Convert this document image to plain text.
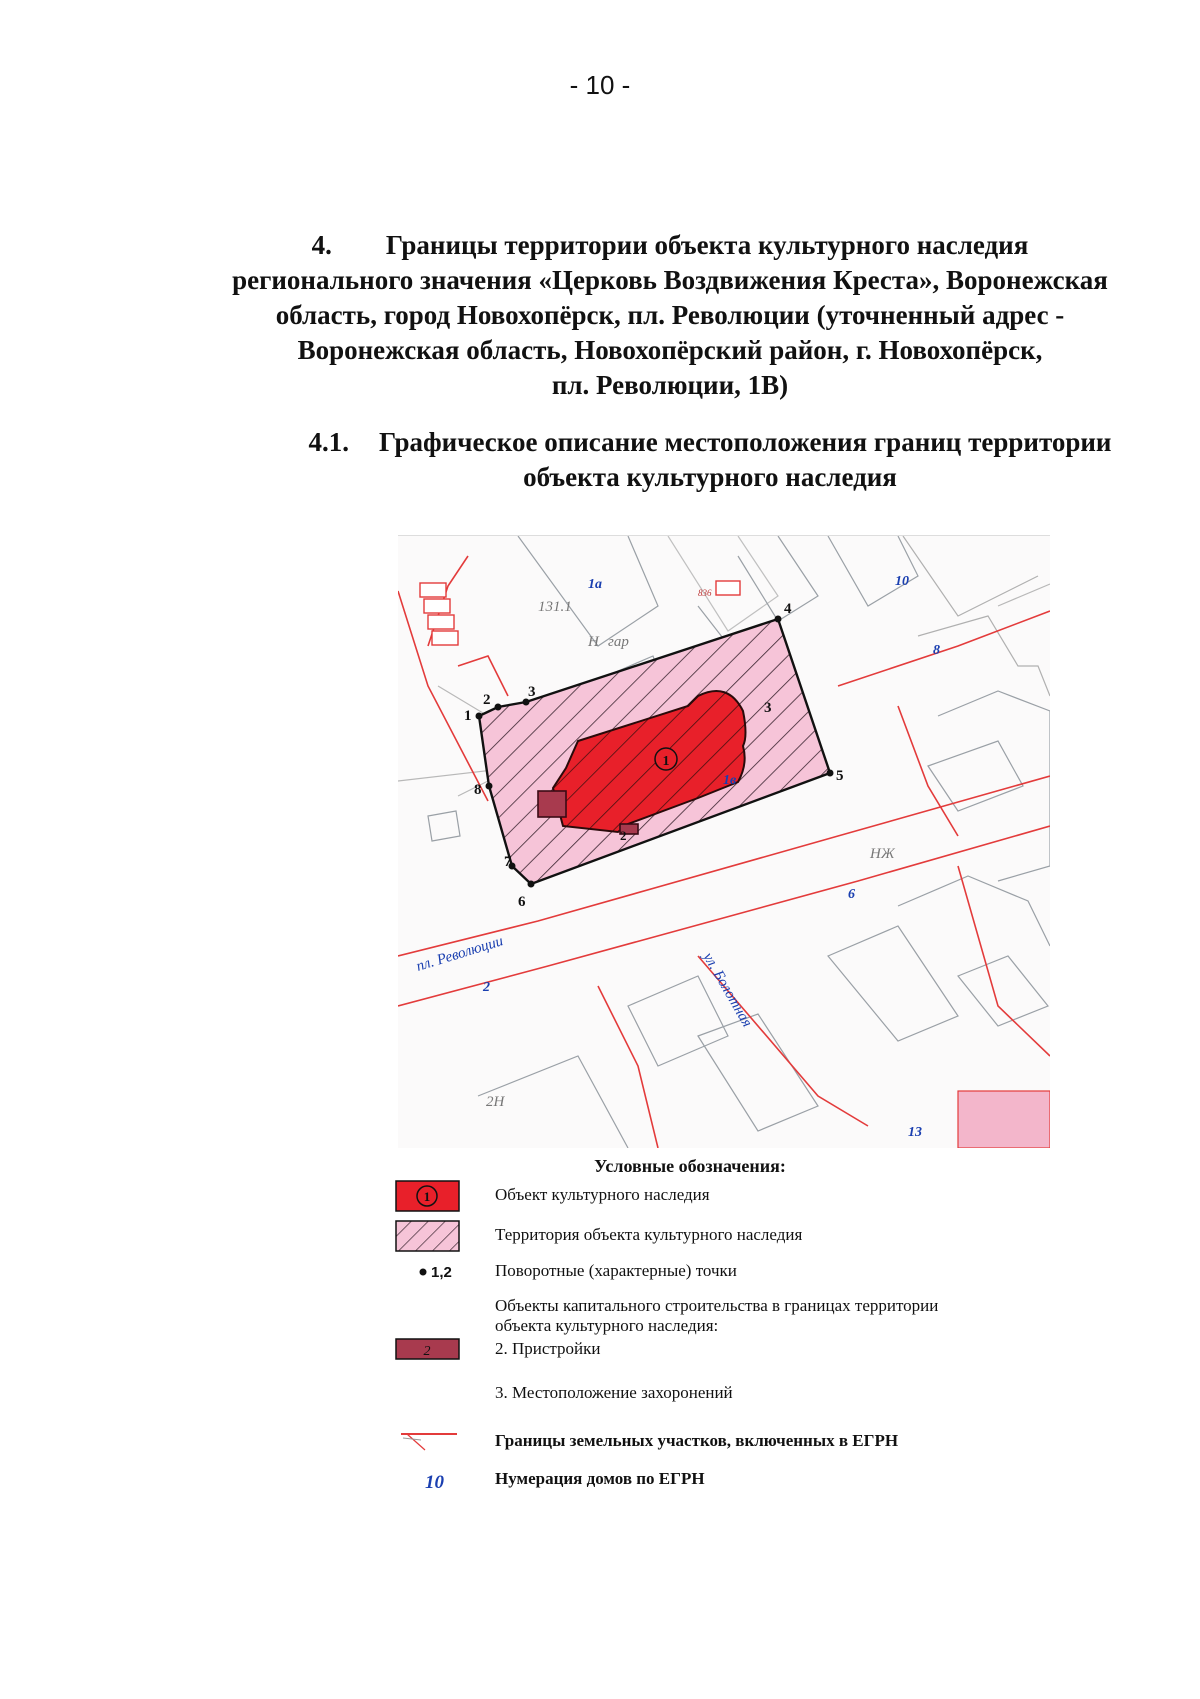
- 10 -
4. Границы территории объекта культурного наследия
регионального значения «Церковь Воздвижения Креста», Воронежская
область, город Новохопёрск, пл. Революции (уточненный адрес -
Воронежская область, Новохопёрский район, г. Новохопёрск,
пл. Революции, 1В)
4.1. Графическое описание местоположения границ территории
объекта культурного наследия
1
2	3
4
5
6
7
8
3
1
2
1а	10
8
6
13
2
1в
131.1
гар
НЖ
Н
2Н
836
пл. Революции	ул. Болотная
Условные обозначения:
1	Объект культурного наследия
Территория объекта культурного наследия
1,2	Поворотные (характерные) точки
Объекты капитального строительства в границах территории
объекта культурного наследия:
2	2. Пристройки
3. Местоположение захоронений
Границы земельных участков, включенных в ЕГРН
10	Нумерация домов по ЕГРН
